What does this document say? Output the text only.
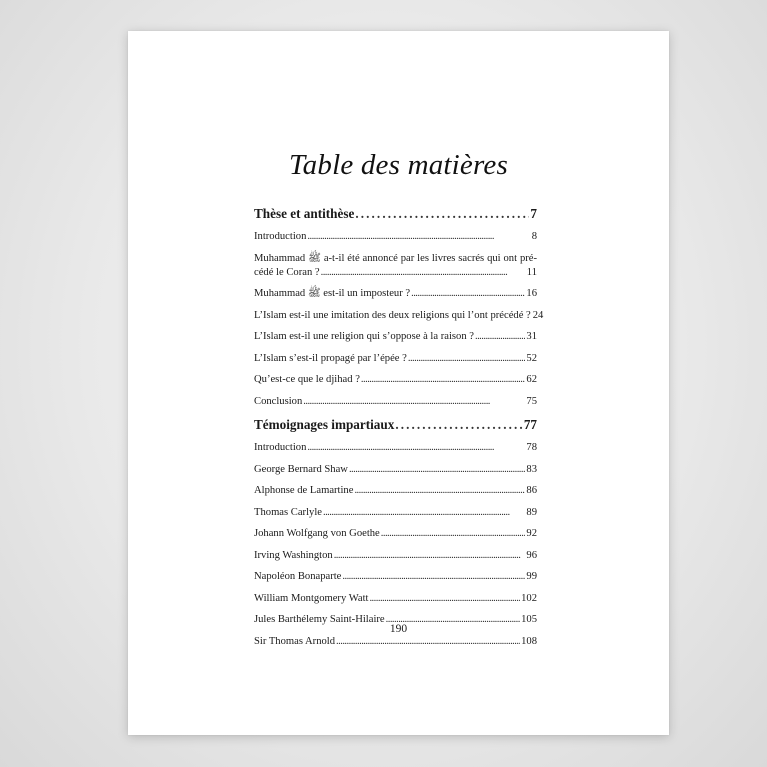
Table des matières
Thèse et antithèse . . .	7
Introduction . . .	8
Muhammad ﷺ a-t-il été annoncé par les livres sacrés qui ont pré-
cédé le Coran ? . . .	11
Muhammad ﷺ est-il un imposteur ? . . .	16
L’Islam est-il une imitation des deux religions qui l’ont précédé ? 24
L’Islam est-il une religion qui s’oppose à la raison ? . . .	31
L’Islam s’est-il propagé par l’épée ? . . .	52
Qu’est-ce que le djihad ? . . .	62
Conclusion . . .	75
Témoignages impartiaux . . .	77
Introduction . . .	78
George Bernard Shaw . . .	83
Alphonse de Lamartine . . .	86
Thomas Carlyle . . .	89
Johann Wolfgang von Goethe . . .	92
Irving Washington . . .	96
Napoléon Bonaparte . . .	99
William Montgomery Watt . . .	102
Jules Barthélemy Saint-Hilaire . . .	105
Sir Thomas Arnold . . .	108
190
